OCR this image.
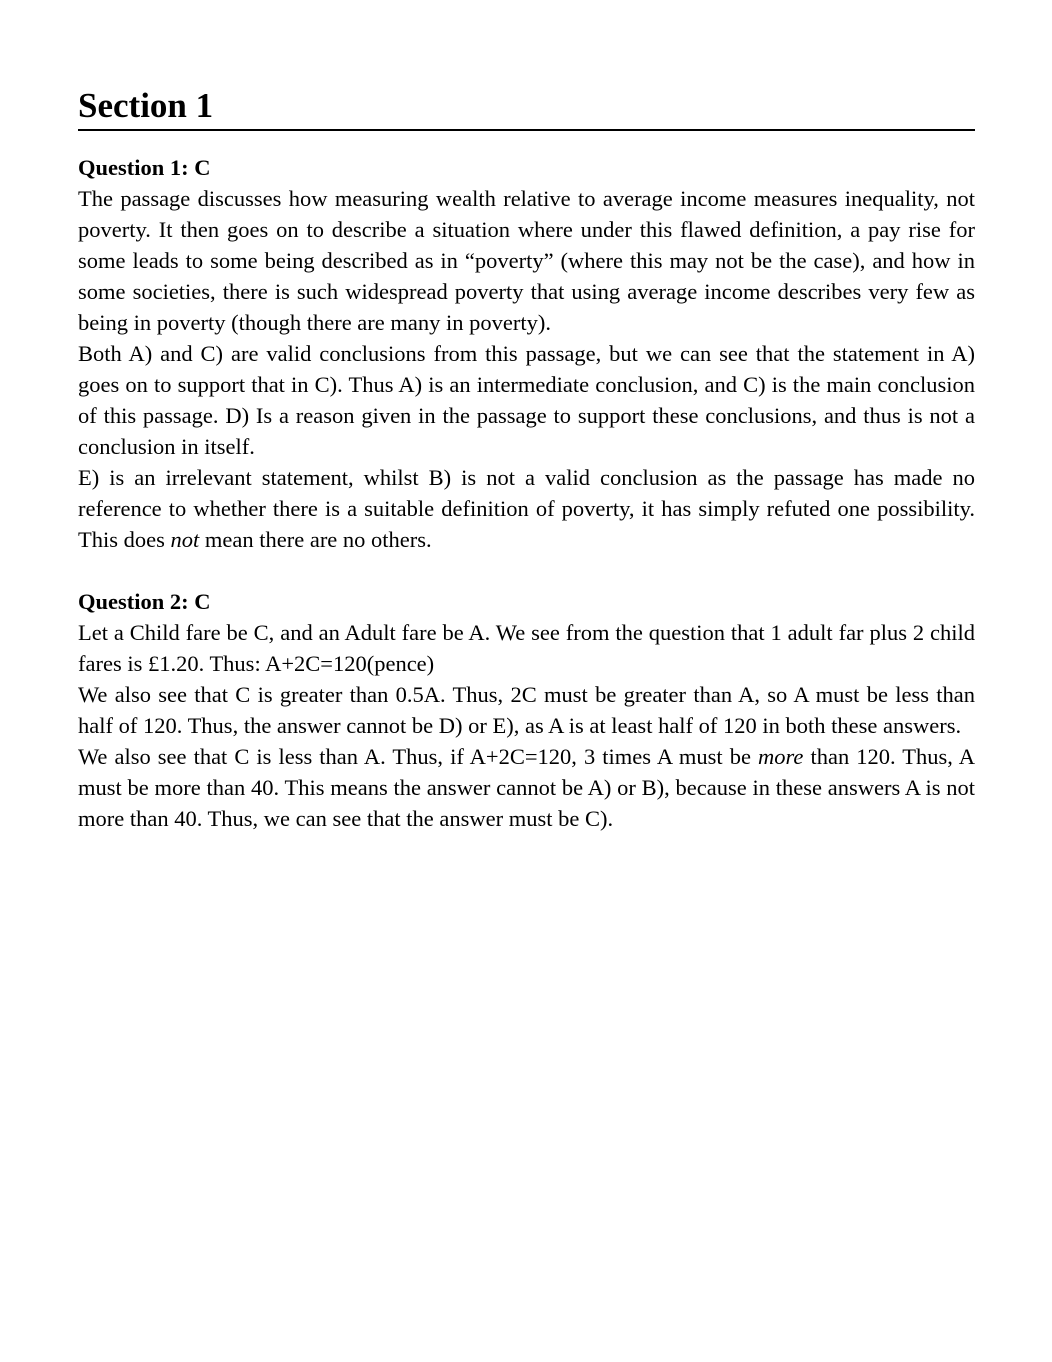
Section 1

Question 1: C

The passage discusses how measuring wealth relative to average income measures inequality, not poverty. It then goes on to describe a situation where under this flawed definition, a pay rise for some leads to some being described as in “poverty” (where this may not be the case), and how in some societies, there is such widespread poverty that using average income describes very few as being in poverty (though there are many in poverty).

Both A) and C) are valid conclusions from this passage, but we can see that the statement in A) goes on to support that in C). Thus A) is an intermediate conclusion, and C) is the main conclusion of this passage. D) Is a reason given in the passage to support these conclusions, and thus is not a conclusion in itself.

E) is an irrelevant statement, whilst B) is not a valid conclusion as the passage has made no reference to whether there is a suitable definition of poverty, it has simply refuted one possibility. This does not mean there are no others.

Question 2: C

Let a Child fare be C, and an Adult fare be A. We see from the question that 1 adult far plus 2 child fares is £1.20. Thus: A+2C=120(pence)

We also see that C is greater than 0.5A. Thus, 2C must be greater than A, so A must be less than half of 120. Thus, the answer cannot be D) or E), as A is at least half of 120 in both these answers.

We also see that C is less than A. Thus, if A+2C=120, 3 times A must be more than 120. Thus, A must be more than 40. This means the answer cannot be A) or B), because in these answers A is not more than 40. Thus, we can see that the answer must be C).
